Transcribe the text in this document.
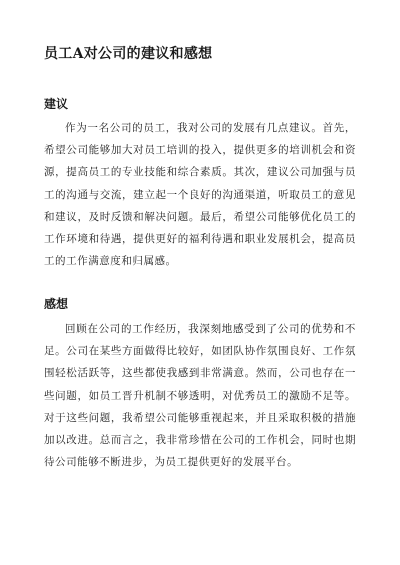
员工A对公司的建议和感想
建议

作为一名公司的员工，我对公司的发展有几点建议。首先，希望公司能够加大对员工培训的投入，提供更多的培训机会和资源，提高员工的专业技能和综合素质。其次，建议公司加强与员工的沟通与交流，建立起一个良好的沟通渠道，听取员工的意见和建议，及时反馈和解决问题。最后，希望公司能够优化员工的工作环境和待遇，提供更好的福利待遇和职业发展机会，提高员工的工作满意度和归属感。

感想

回顾在公司的工作经历，我深刻地感受到了公司的优势和不足。公司在某些方面做得比较好，如团队协作氛围良好、工作氛围轻松活跃等，这些都使我感到非常满意。然而，公司也存在一些问题，如员工晋升机制不够透明，对优秀员工的激励不足等。对于这些问题，我希望公司能够重视起来，并且采取积极的措施加以改进。总而言之，我非常珍惜在公司的工作机会，同时也期待公司能够不断进步，为员工提供更好的发展平台。
